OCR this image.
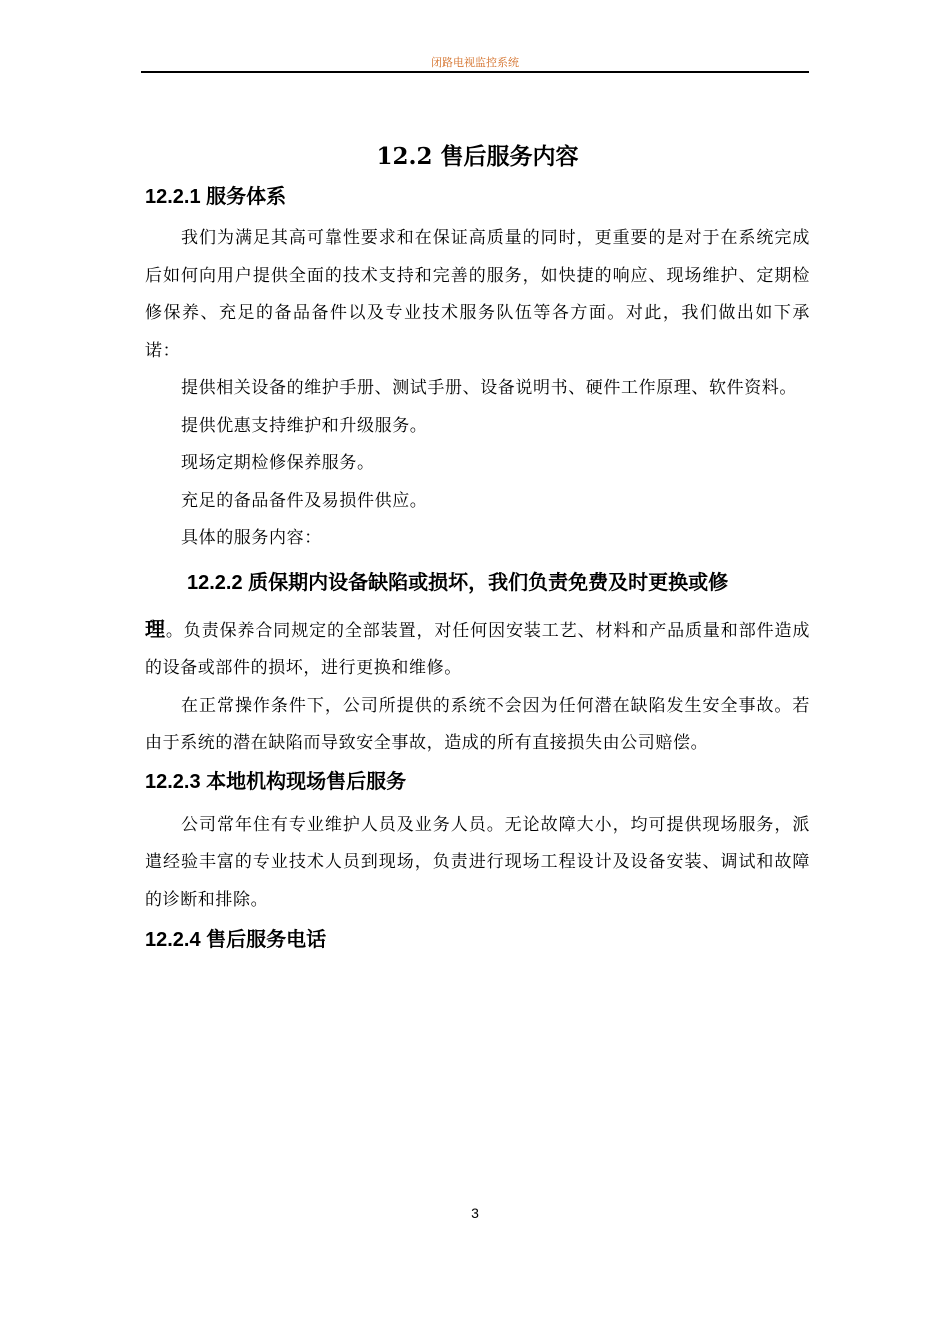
闭路电视监控系统
12.2 售后服务内容
12.2.1 服务体系

我们为满足其高可靠性要求和在保证高质量的同时，更重要的是对于在系统完成后如何向用户提供全面的技术支持和完善的服务，如快捷的响应、现场维护、定期检修保养、充足的备品备件以及专业技术服务队伍等各方面。对此，我们做出如下承诺：

提供相关设备的维护手册、测试手册、设备说明书、硬件工作原理、软件资料。

提供优惠支持维护和升级服务。

现场定期检修保养服务。

充足的备品备件及易损件供应。

具体的服务内容：

12.2.2 质保期内设备缺陷或损坏，我们负责免费及时更换或修

理。负责保养合同规定的全部装置，对任何因安装工艺、材料和产品质量和部件造成的设备或部件的损坏，进行更换和维修。

在正常操作条件下，公司所提供的系统不会因为任何潜在缺陷发生安全事故。若由于系统的潜在缺陷而导致安全事故，造成的所有直接损失由公司赔偿。

12.2.3 本地机构现场售后服务

公司常年住有专业维护人员及业务人员。无论故障大小，均可提供现场服务，派遣经验丰富的专业技术人员到现场，负责进行现场工程设计及设备安装、调试和故障的诊断和排除。

12.2.4 售后服务电话
3
